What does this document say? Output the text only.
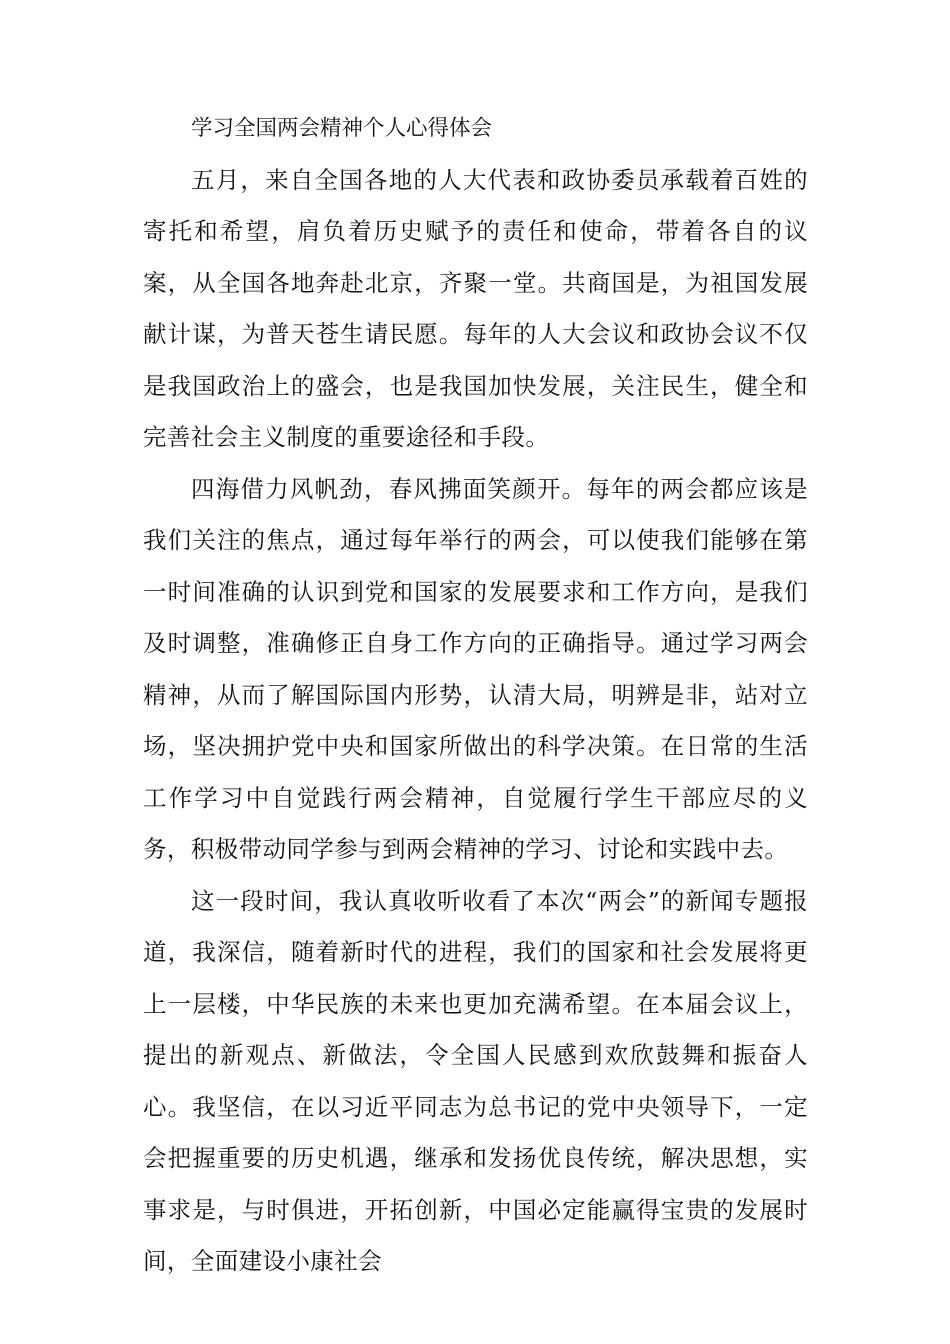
学习全国两会精神个人心得体会

五月，来自全国各地的人大代表和政协委员承载着百姓的寄托和希望，肩负着历史赋予的责任和使命，带着各自的议案，从全国各地奔赴北京，齐聚一堂。共商国是，为祖国发展献计谋，为普天苍生请民愿。每年的人大会议和政协会议不仅是我国政治上的盛会，也是我国加快发展，关注民生，健全和完善社会主义制度的重要途径和手段。

四海借力风帆劲，春风拂面笑颜开。每年的两会都应该是我们关注的焦点，通过每年举行的两会，可以使我们能够在第一时间准确的认识到党和国家的发展要求和工作方向，是我们及时调整，准确修正自身工作方向的正确指导。通过学习两会精神，从而了解国际国内形势，认清大局，明辨是非，站对立场，坚决拥护党中央和国家所做出的科学决策。在日常的生活工作学习中自觉践行两会精神，自觉履行学生干部应尽的义务，积极带动同学参与到两会精神的学习、讨论和实践中去。

这一段时间，我认真收听收看了本次“两会”的新闻专题报道，我深信，随着新时代的进程，我们的国家和社会发展将更上一层楼，中华民族的未来也更加充满希望。在本届会议上，提出的新观点、新做法，令全国人民感到欢欣鼓舞和振奋人心。我坚信，在以习近平同志为总书记的党中央领导下，一定会把握重要的历史机遇，继承和发扬优良传统，解决思想，实事求是，与时俱进，开拓创新，中国必定能赢得宝贵的发展时间，全面建设小康社会
